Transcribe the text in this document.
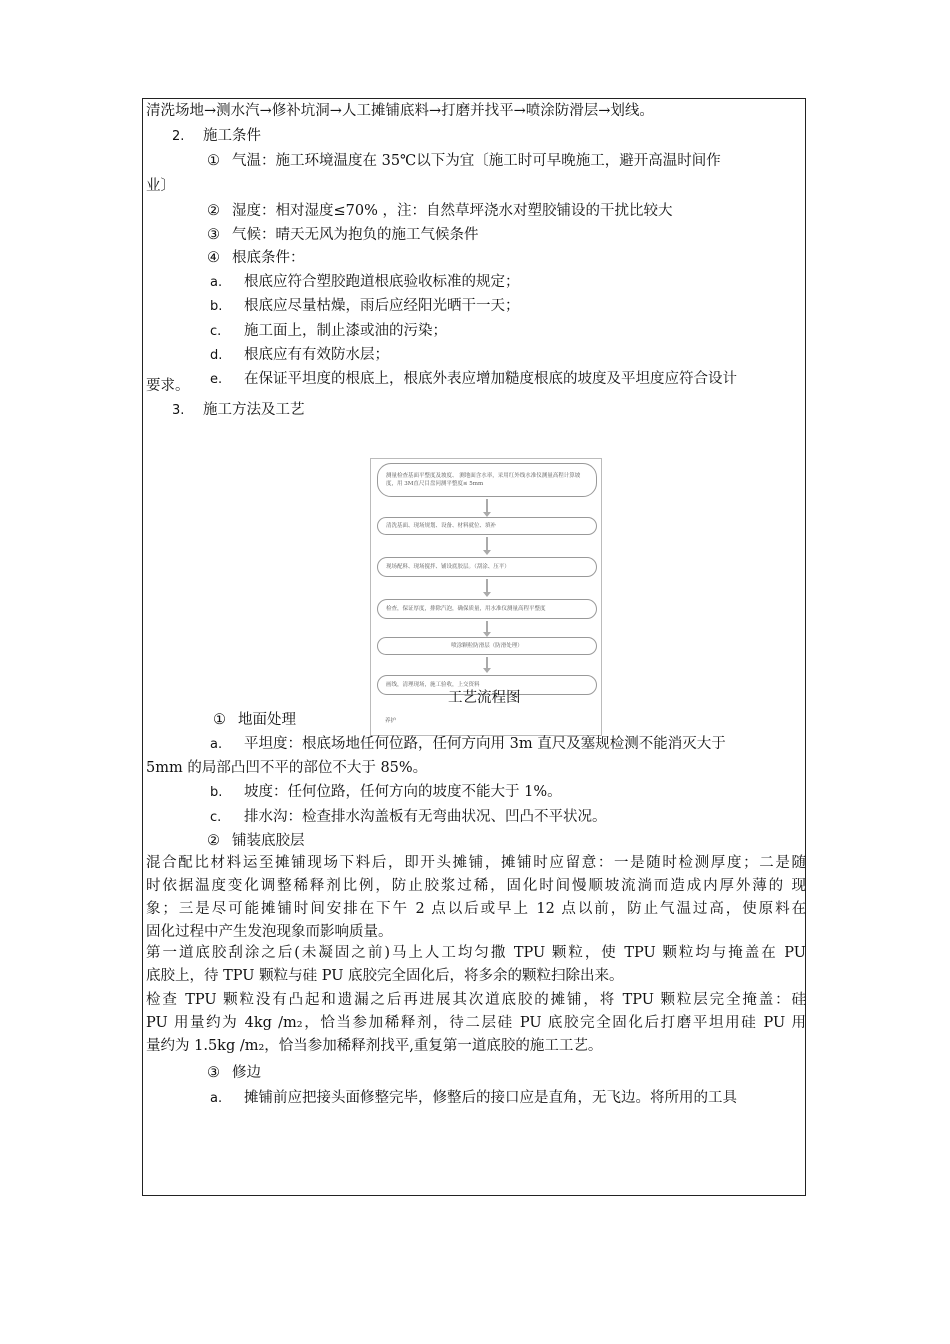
清洗场地→测水汽→修补坑洞→人工摊铺底料→打磨并找平→喷涂防滑层→划线。
2. 施工条件
① 气温：施工环境温度在 35℃以下为宜〔施工时可早晚施工，避开高温时间作
业〕
② 湿度：相对湿度≤70% ，注：自然草坪浇水对塑胶铺设的干扰比较大
③ 气候：晴天无风为抱负的施工气候条件
④ 根底条件：
a. 根底应符合塑胶跑道根底验收标准的规定；
b. 根底应尽量枯燥，雨后应经阳光晒干一天；
c. 施工面上，制止漆或油的污染；
d. 根底应有有效防水层；
e. 在保证平坦度的根底上，根底外表应增加糙度根底的坡度及平坦度应符合设计
要求。
3. 施工方法及工艺
测量检查基面平整度及坡度、 测地面含水率，采用红外线水准仪测量高程计算坡度，用 3M直尺目盘问测平整度≤ 5mm
清洗基面、现场规划、设备、材料就位、填补
现场配料、现场搅拌、铺设底胶层。（刮涂、压平）
检查，保证厚度，排除汽泡，确保质量，用水准仪测量高程平整度
喷涂颗粒防滑层（防滑处理）
画线，清理现场，施工验收，上交资料
养护
工艺流程图
① 地面处理
a. 平坦度：根底场地任何位路，任何方向用 3m 直尺及塞规检测不能消灭大于
5mm 的局部凸凹不平的部位不大于 85%。
b. 坡度：任何位路，任何方向的坡度不能大于 1%。
c. 排水沟：检查排水沟盖板有无弯曲状况、凹凸不平状况。
② 铺装底胶层
混合配比材料运至摊铺现场下料后，即开头摊铺，摊铺时应留意：一是随时检测厚度；二是随
时依据温度变化调整稀释剂比例，防止胶浆过稀，固化时间慢顺坡流淌而造成内厚外薄的 现
象；三是尽可能摊铺时间安排在下午 2 点以后或早上 12 点以前，防止气温过高，使原料在
固化过程中产生发泡现象而影响质量。
第一道底胶刮涂之后(未凝固之前)马上人工均匀撒 TPU 颗粒，使 TPU 颗粒均与掩盖在 PU
底胶上，待 TPU 颗粒与硅 PU 底胶完全固化后，将多余的颗粒扫除出来。
检查 TPU 颗粒没有凸起和遗漏之后再进展其次道底胶的摊铺，将 TPU 颗粒层完全掩盖：硅
PU 用量约为 4kg /m₂，恰当参加稀释剂，待二层硅 PU 底胶完全固化后打磨平坦用硅 PU 用
量约为 1.5kg /m₂，恰当参加稀释剂找平,重复第一道底胶的施工工艺。
③ 修边
a. 摊铺前应把接头面修整完毕，修整后的接口应是直角，无飞边。将所用的工具
